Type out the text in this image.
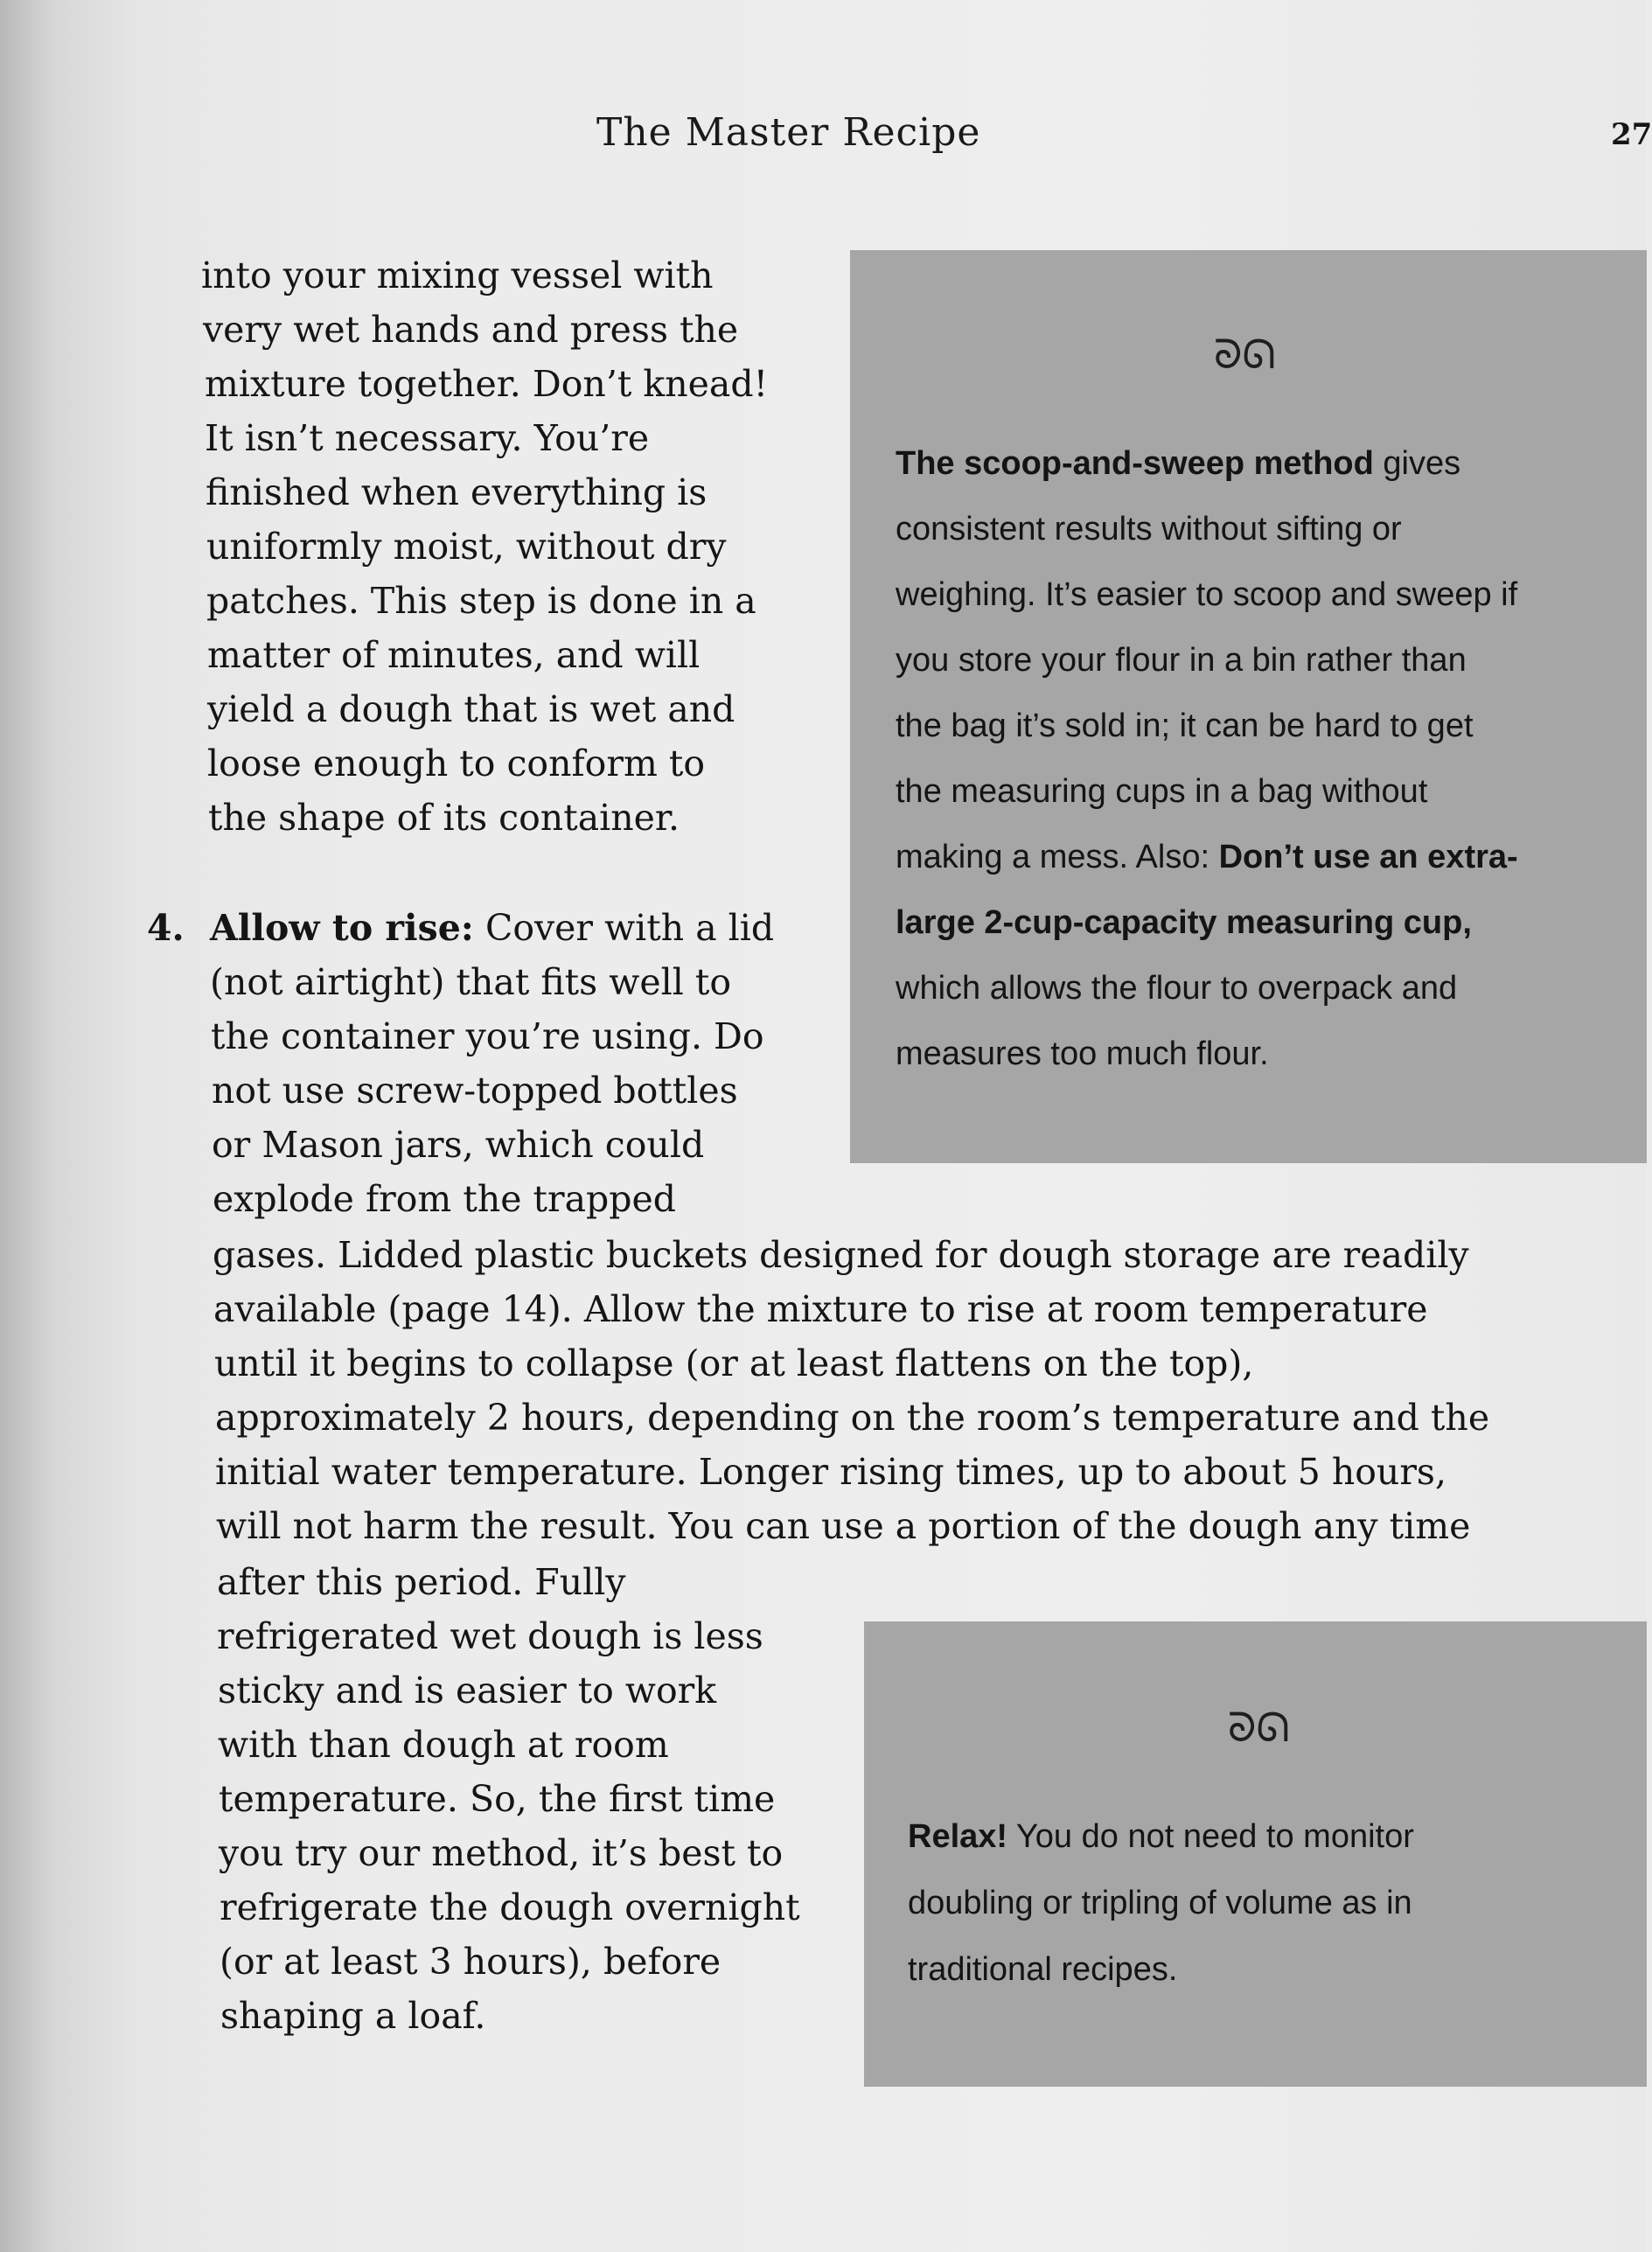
The Master Recipe	27
ᘐᘏ
The scoop-and-sweep method gives
consistent results without sifting or
weighing. It’s easier to scoop and sweep if
you store your flour in a bin rather than
the bag it’s sold in; it can be hard to get
the measuring cups in a bag without
making a mess. Also: Don’t use an extra-
large 2-cup-capacity measuring cup,
which allows the flour to overpack and
measures too much flour.
ᘐᘏ
Relax! You do not need to monitor
doubling or tripling of volume as in
traditional recipes.
into your mixing vessel with
very wet hands and press the
mixture together. Don’t knead!
It isn’t necessary. You’re
finished when everything is
uniformly moist, without dry
patches. This step is done in a
matter of minutes, and will
yield a dough that is wet and
loose enough to conform to
the shape of its container.
4. Allow to rise: Cover with a lid
(not airtight) that fits well to
the container you’re using. Do
not use screw-topped bottles
or Mason jars, which could
explode from the trapped
gases. Lidded plastic buckets designed for dough storage are readily
available (page 14). Allow the mixture to rise at room temperature
until it begins to collapse (or at least flattens on the top),
approximately 2 hours, depending on the room’s temperature and the
initial water temperature. Longer rising times, up to about 5 hours,
will not harm the result. You can use a portion of the dough any time
after this period. Fully
refrigerated wet dough is less
sticky and is easier to work
with than dough at room
temperature. So, the first time
you try our method, it’s best to
refrigerate the dough overnight
(or at least 3 hours), before
shaping a loaf.
